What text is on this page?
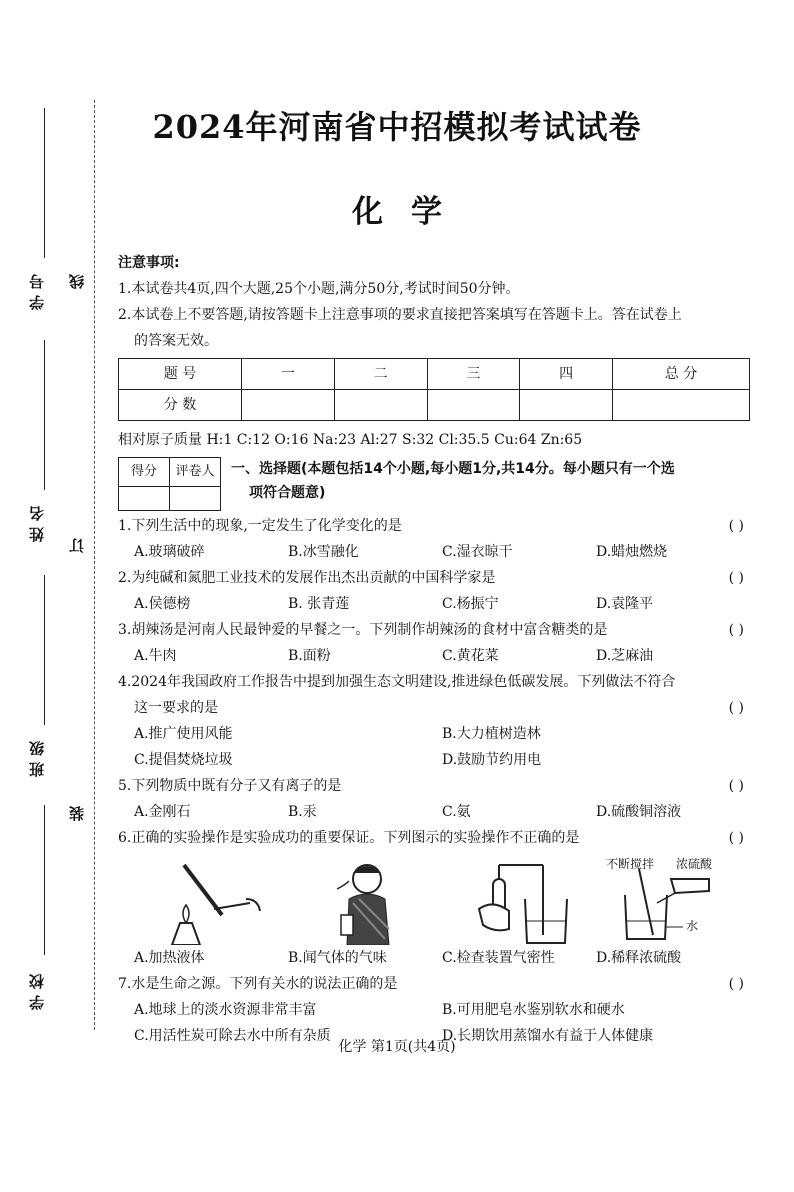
学号
姓名
班级
学校
线
订
装
2024年河南省中招模拟考试试卷
化学
注意事项:
1.本试卷共4页,四个大题,25个小题,满分50分,考试时间50分钟。
2.本试卷上不要答题,请按答题卡上注意事项的要求直接把答案填写在答题卡上。答在试卷上
的答案无效。
题 号	一	二	三	四	总 分
分 数					
相对原子质量 H:1 C:12 O:16 Na:23 Al:27 S:32 Cl:35.5 Cu:64 Zn:65
得分	评卷人
	一、选择题(本题包括14个小题,每小题1分,共14分。每小题只有一个选
项符合题意)
1.下列生活中的现象,一定发生了化学变化的是	( )
A.玻璃破碎	B.冰雪融化	C.湿衣晾干	D.蜡烛燃烧
2.为纯碱和氮肥工业技术的发展作出杰出贡献的中国科学家是	( )
A.侯德榜	B. 张青莲	C.杨振宁	D.袁隆平
3.胡辣汤是河南人民最钟爱的早餐之一。下列制作胡辣汤的食材中富含糖类的是	( )
A.牛肉	B.面粉	C.黄花菜	D.芝麻油
4.2024年我国政府工作报告中提到加强生态文明建设,推进绿色低碳发展。下列做法不符合
这一要求的是	( )
A.推广使用风能	B.大力植树造林
C.提倡焚烧垃圾	D.鼓励节约用电
5.下列物质中既有分子又有离子的是	( )
A.金刚石	B.汞	C.氨	D.硫酸铜溶液
6.正确的实验操作是实验成功的重要保证。下列图示的实验操作不正确的是	( )
不断搅拌 浓硫酸
水
A.加热液体	B.闻气体的气味	C.检查装置气密性	D.稀释浓硫酸
7.水是生命之源。下列有关水的说法正确的是	( )
A.地球上的淡水资源非常丰富	B.可用肥皂水鉴别软水和硬水
C.用活性炭可除去水中所有杂质	D.长期饮用蒸馏水有益于人体健康
化学 第1页(共4页)
